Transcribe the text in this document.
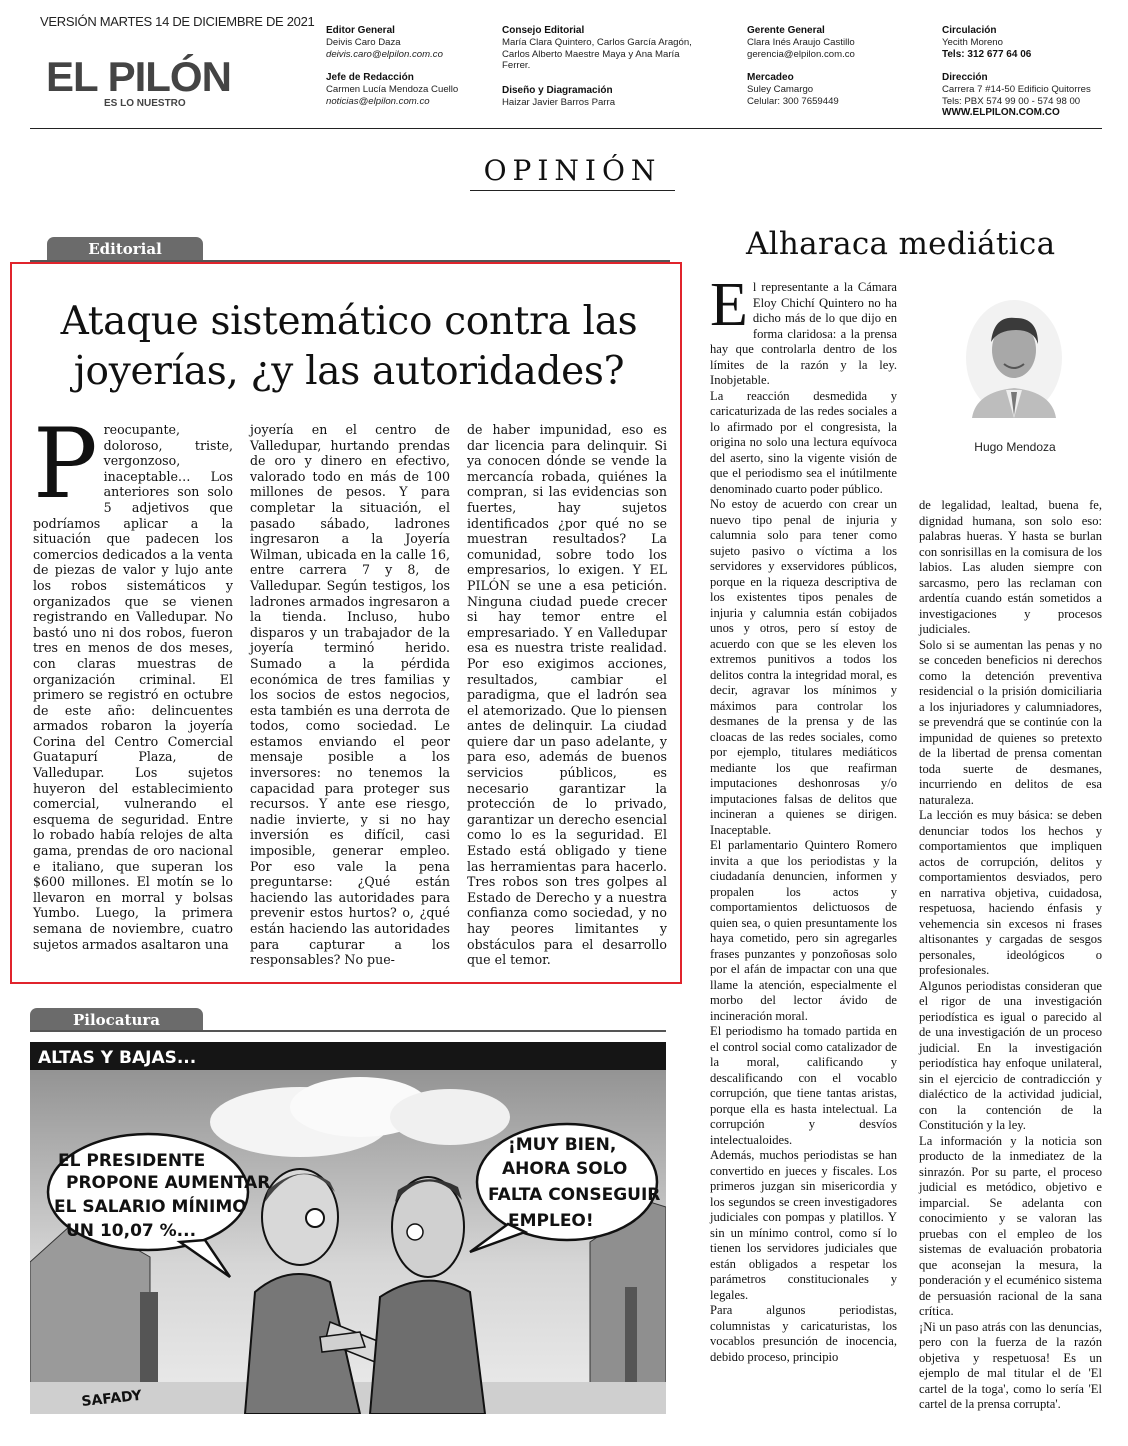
VERSIÓN MARTES 14 DE DICIEMBRE DE 2021
EL PILÓN
ES LO NUESTRO
Editor General
Deivis Caro Daza
deivis.caro@elpilon.com.co
Jefe de Redacción
Carmen Lucía Mendoza Cuello
noticias@elpilon.com.co
Consejo Editorial
María Clara Quintero, Carlos García Aragón,
Carlos Alberto Maestre Maya y Ana María
Ferrer.
Diseño y Diagramación
Haizar Javier Barros Parra
Gerente General
Clara Inés Araujo Castillo
gerencia@elpilon.com.co
Mercadeo
Suley Camargo
Celular: 300 7659449
Circulación
Yecith Moreno
Tels: 312 677 64 06
Dirección
Carrera 7 #14-50 Edificio Quitorres
Tels: PBX 574 99 00 - 574 98 00
WWW.ELPILON.COM.CO
OPINIÓN
Editorial
Ataque sistemático contra las joyerías, ¿y las autoridades?
Preocupante, doloroso, triste, vergonzoso, inaceptable… Los anteriores son solo 5 adjetivos que podríamos aplicar a la situación que padecen los comercios dedicados a la venta de piezas de valor y lujo ante los robos sistemáticos y organizados que se vienen registrando en Valledupar. No bastó uno ni dos robos, fueron tres en menos de dos meses, con claras muestras de organización criminal. El primero se registró en octubre de este año: delincuentes armados robaron la joyería Corina del Centro Comercial Guatapurí Plaza, de Valledupar. Los sujetos huyeron del establecimiento comercial, vulnerando el esquema de seguridad. Entre lo robado había relojes de alta gama, prendas de oro nacional e italiano, que superan los $600 millones. El motín se lo llevaron en morral y bolsas Yumbo. Luego, la primera semana de noviembre, cuatro sujetos armados asaltaron una
joyería en el centro de Valledupar, hurtando prendas de oro y dinero en efectivo, valorado todo en más de 100 millones de pesos. Y para completar la situación, el pasado sábado, ladrones ingresaron a la Joyería Wilman, ubicada en la calle 16, entre carrera 7 y 8, de Valledupar. Según testigos, los ladrones armados ingresaron a la tienda. Incluso, hubo disparos y un trabajador de la joyería terminó herido. Sumado a la pérdida económica de tres familias y los socios de estos negocios, esta también es una derrota de todos, como sociedad. Le estamos enviando el peor mensaje posible a los inversores: no tenemos la capacidad para proteger sus recursos. Y ante ese riesgo, nadie invierte, y si no hay inversión es difícil, casi imposible, generar empleo. Por eso vale la pena preguntarse: ¿Qué están haciendo las autoridades para prevenir estos hurtos? o, ¿qué están haciendo las autoridades para capturar a los responsables? No pue-
de haber impunidad, eso es dar licencia para delinquir. Si ya conocen dónde se vende la mercancía robada, quiénes la compran, si las evidencias son fuertes, hay sujetos identificados ¿por qué no se muestran resultados? La comunidad, sobre todo los empresarios, lo exigen. Y EL PILÓN se une a esa petición. Ninguna ciudad puede crecer si hay temor entre el empresariado. Y en Valledupar esa es nuestra triste realidad. Por eso exigimos acciones, resultados, cambiar el paradigma, que el ladrón sea el atemorizado. Que lo piensen antes de delinquir. La ciudad quiere dar un paso adelante, y para eso, además de buenos servicios públicos, es necesario garantizar la protección de lo privado, garantizar un derecho esencial como lo es la seguridad. El Estado está obligado y tiene las herramientas para hacerlo. Tres robos son tres golpes al Estado de Derecho y a nuestra confianza como sociedad, y no hay peores limitantes y obstáculos para el desarrollo que el temor.
Pilocatura
ALTAS Y BAJAS...
EL PRESIDENTE
PROPONE AUMENTAR
EL SALARIO MÍNIMO
UN 10,07 %...
¡MUY BIEN,
AHORA SOLO
FALTA CONSEGUIR
EMPLEO!
SAFADY
Alharaca mediática
Hugo Mendoza
El representante a la Cámara Eloy Chichí Quintero no ha dicho más de lo que dijo en forma claridosa: a la prensa hay que controlarla dentro de los límites de la razón y la ley. Inobjetable.
La reacción desmedida y caricaturizada de las redes sociales a lo afirmado por el congresista, la origina no solo una lectura equívoca del aserto, sino la vigente visión de que el periodismo sea el inútilmente denominado cuarto poder público.
No estoy de acuerdo con crear un nuevo tipo penal de injuria y calumnia solo para tener como sujeto pasivo o víctima a los servidores y exservidores públicos, porque en la riqueza descriptiva de los existentes tipos penales de injuria y calumnia están cobijados unos y otros, pero sí estoy de acuerdo con que se les eleven los extremos punitivos a todos los delitos contra la integridad moral, es decir, agravar los mínimos y máximos para controlar los desmanes de la prensa y de las cloacas de las redes sociales, como por ejemplo, titulares mediáticos mediante los que reafirman imputaciones deshonrosas y/o imputaciones falsas de delitos que incineran a quienes se dirigen. Inaceptable.
El parlamentario Quintero Romero invita a que los periodistas y la ciudadanía denuncien, informen y propalen los actos y comportamientos delictuosos de quien sea, o quien presuntamente los haya cometido, pero sin agregarles frases punzantes y ponzoñosas solo por el afán de impactar con una que llame la atención, especialmente el morbo del lector ávido de incineración moral.
El periodismo ha tomado partida en el control social como catalizador de la moral, calificando y descalificando con el vocablo corrupción, que tiene tantas aristas, porque ella es hasta intelectual. La corrupción y desvíos intelectualoides.
Además, muchos periodistas se han convertido en jueces y fiscales. Los primeros juzgan sin misericordia y los segundos se creen investigadores judiciales con pompas y platillos. Y sin un mínimo control, como sí lo tienen los servidores judiciales que están obligados a respetar los parámetros constitucionales y legales.
Para algunos periodistas, columnistas y caricaturistas, los vocablos presunción de inocencia, debido proceso, principio
de legalidad, lealtad, buena fe, dignidad humana, son solo eso: palabras hueras. Y hasta se burlan con sonrisillas en la comisura de los labios. Las aluden siempre con sarcasmo, pero las reclaman con ardentía cuando están sometidos a investigaciones y procesos judiciales.
Solo si se aumentan las penas y no se conceden beneficios ni derechos como la detención preventiva residencial o la prisión domiciliaria a los injuriadores y calumniadores, se prevendrá que se continúe con la impunidad de quienes so pretexto de la libertad de prensa comentan toda suerte de desmanes, incurriendo en delitos de esa naturaleza.
La lección es muy básica: se deben denunciar todos los hechos y comportamientos que impliquen actos de corrupción, delitos y comportamientos desviados, pero en narrativa objetiva, cuidadosa, respetuosa, haciendo énfasis y vehemencia sin excesos ni frases altisonantes y cargadas de sesgos personales, ideológicos o profesionales.
Algunos periodistas consideran que el rigor de una investigación periodística es igual o parecido al de una investigación de un proceso judicial. En la investigación periodística hay enfoque unilateral, sin el ejercicio de contradicción y dialéctico de la actividad judicial, con la contención de la Constitución y la ley.
La información y la noticia son producto de la inmediatez de la sinrazón. Por su parte, el proceso judicial es metódico, objetivo e imparcial. Se adelanta con conocimiento y se valoran las pruebas con el empleo de los sistemas de evaluación probatoria que aconsejan la mesura, la ponderación y el ecuménico sistema de persuasión racional de la sana crítica.
¡Ni un paso atrás con las denuncias, pero con la fuerza de la razón objetiva y respetuosa! Es un ejemplo de mal titular el de 'El cartel de la toga', como lo sería 'El cartel de la prensa corrupta'.
